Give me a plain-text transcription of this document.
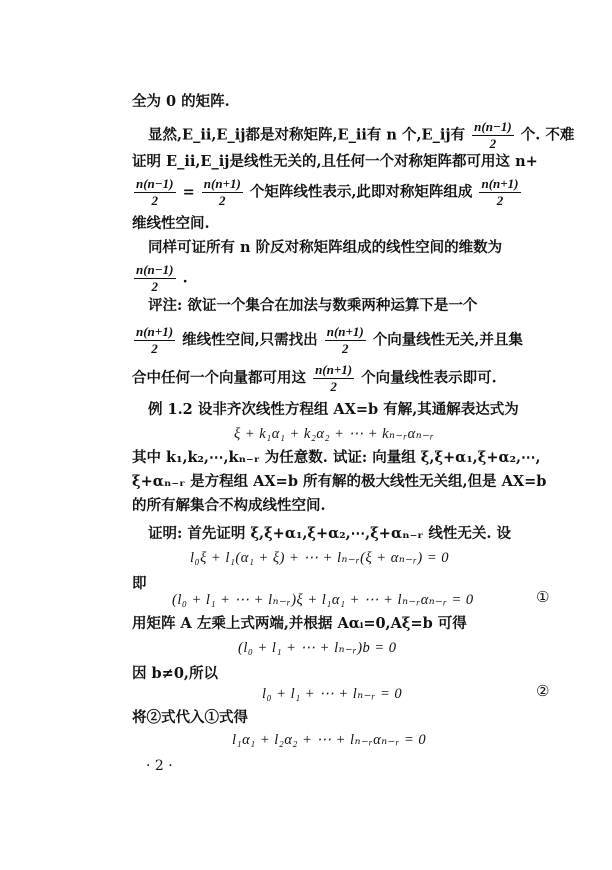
全为 0 的矩阵.
显然,E_ii,E_ij都是对称矩阵,E_ii有 n 个,E_ij有 $\frac{n(n-1)}{2}$ 个. 不难
证明 E_ii,E_ij是线性无关的,且任何一个对称矩阵都可用这 n+
$\frac{n(n-1)}{2} = \frac{n(n+1)}{2}$ 个矩阵线性表示,此即对称矩阵组成 $\frac{n(n+1)}{2}$
维线性空间.
同样可证所有 n 阶反对称矩阵组成的线性空间的维数为
$\frac{n(n-1)}{2}$ .
评注: 欲证一个集合在加法与数乘两种运算下是一个
$\frac{n(n+1)}{2}$ 维线性空间,只需找出 $\frac{n(n+1)}{2}$ 个向量线性无关,并且集
合中任何一个向量都可用这 $\frac{n(n+1)}{2}$ 个向量线性表示即可.
例 1.2 设非齐次线性方程组 AX=b 有解,其通解表达式为
ξ + k₁α₁ + k₂α₂ + ⋯ + kₙ₋ᵣαₙ₋ᵣ
其中 k₁,k₂,⋯,kₙ₋ᵣ 为任意数. 试证: 向量组 ξ,ξ+α₁,ξ+α₂,⋯,
ξ+αₙ₋ᵣ 是方程组 AX=b 所有解的极大线性无关组,但是 AX=b
的所有解集合不构成线性空间.
证明: 首先证明 ξ,ξ+α₁,ξ+α₂,⋯,ξ+αₙ₋ᵣ 线性无关. 设
l₀ξ + l₁(α₁ + ξ) + ⋯ + lₙ₋ᵣ(ξ + αₙ₋ᵣ) = 0
即
(l₀ + l₁ + ⋯ + lₙ₋ᵣ)ξ + l₁α₁ + ⋯ + lₙ₋ᵣαₙ₋ᵣ = 0	①
用矩阵 A 左乘上式两端,并根据 Aαᵢ=0,Aξ=b 可得
(l₀ + l₁ + ⋯ + lₙ₋ᵣ)b = 0
因 b≠0,所以
l₀ + l₁ + ⋯ + lₙ₋ᵣ = 0	②
将②式代入①式得
l₁α₁ + l₂α₂ + ⋯ + lₙ₋ᵣαₙ₋ᵣ = 0
· 2 ·
